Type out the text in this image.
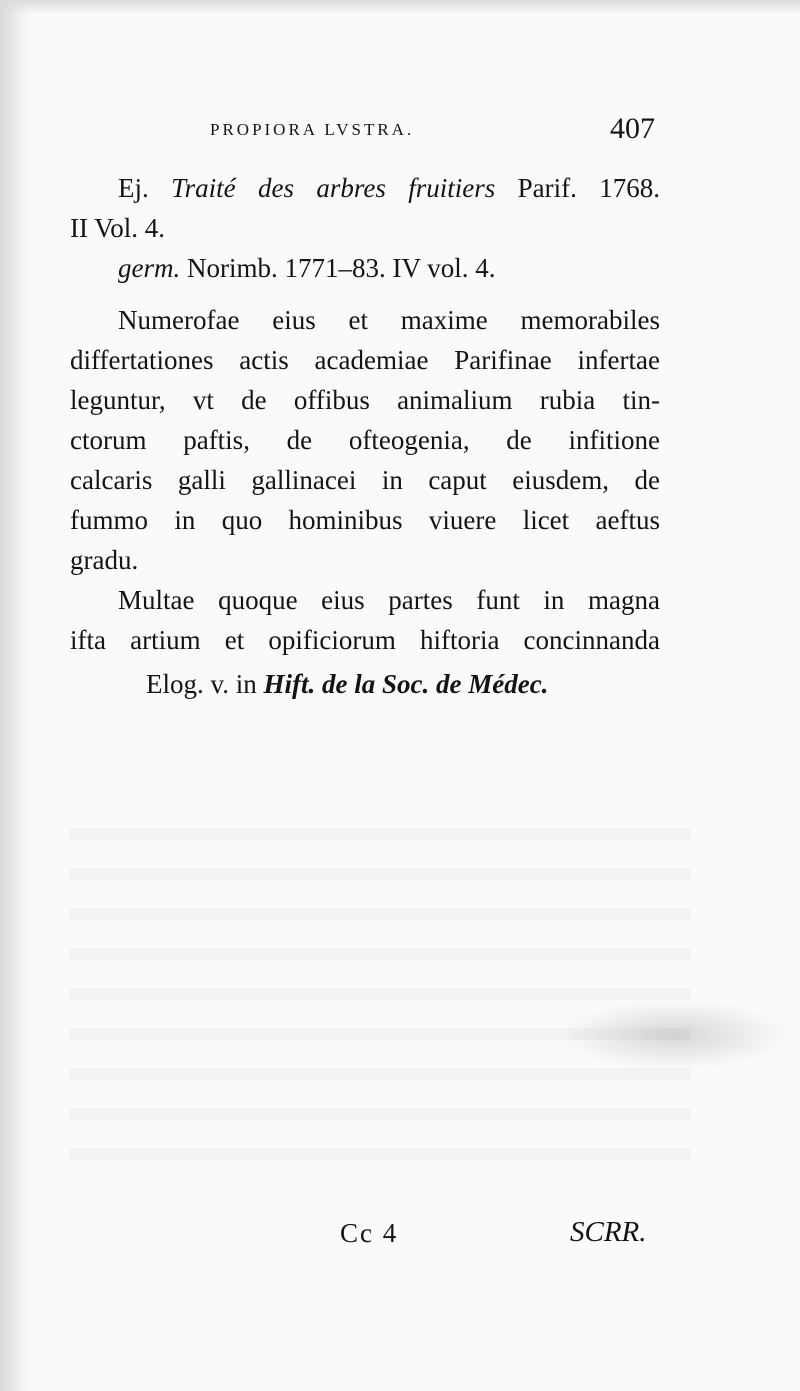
PROPIORA LVSTRA.	407
Ej. Traité des arbres fruitiers Parif. 1768.
II Vol. 4.
germ. Norimb. 1771–83. IV vol. 4.
Numerofae eius et maxime memorabiles
differtationes actis academiae Parifinae infertae
leguntur, vt de offibus animalium rubia tin-
ctorum paftis, de ofteogenia, de infitione
calcaris galli gallinacei in caput eiusdem, de
fummo in quo hominibus viuere licet aeftus
gradu.
Multae quoque eius partes funt in magna
ifta artium et opificiorum hiftoria concinnanda
Elog. v. in Hift. de la Soc. de Médec.
Cc 4	SCRR.
